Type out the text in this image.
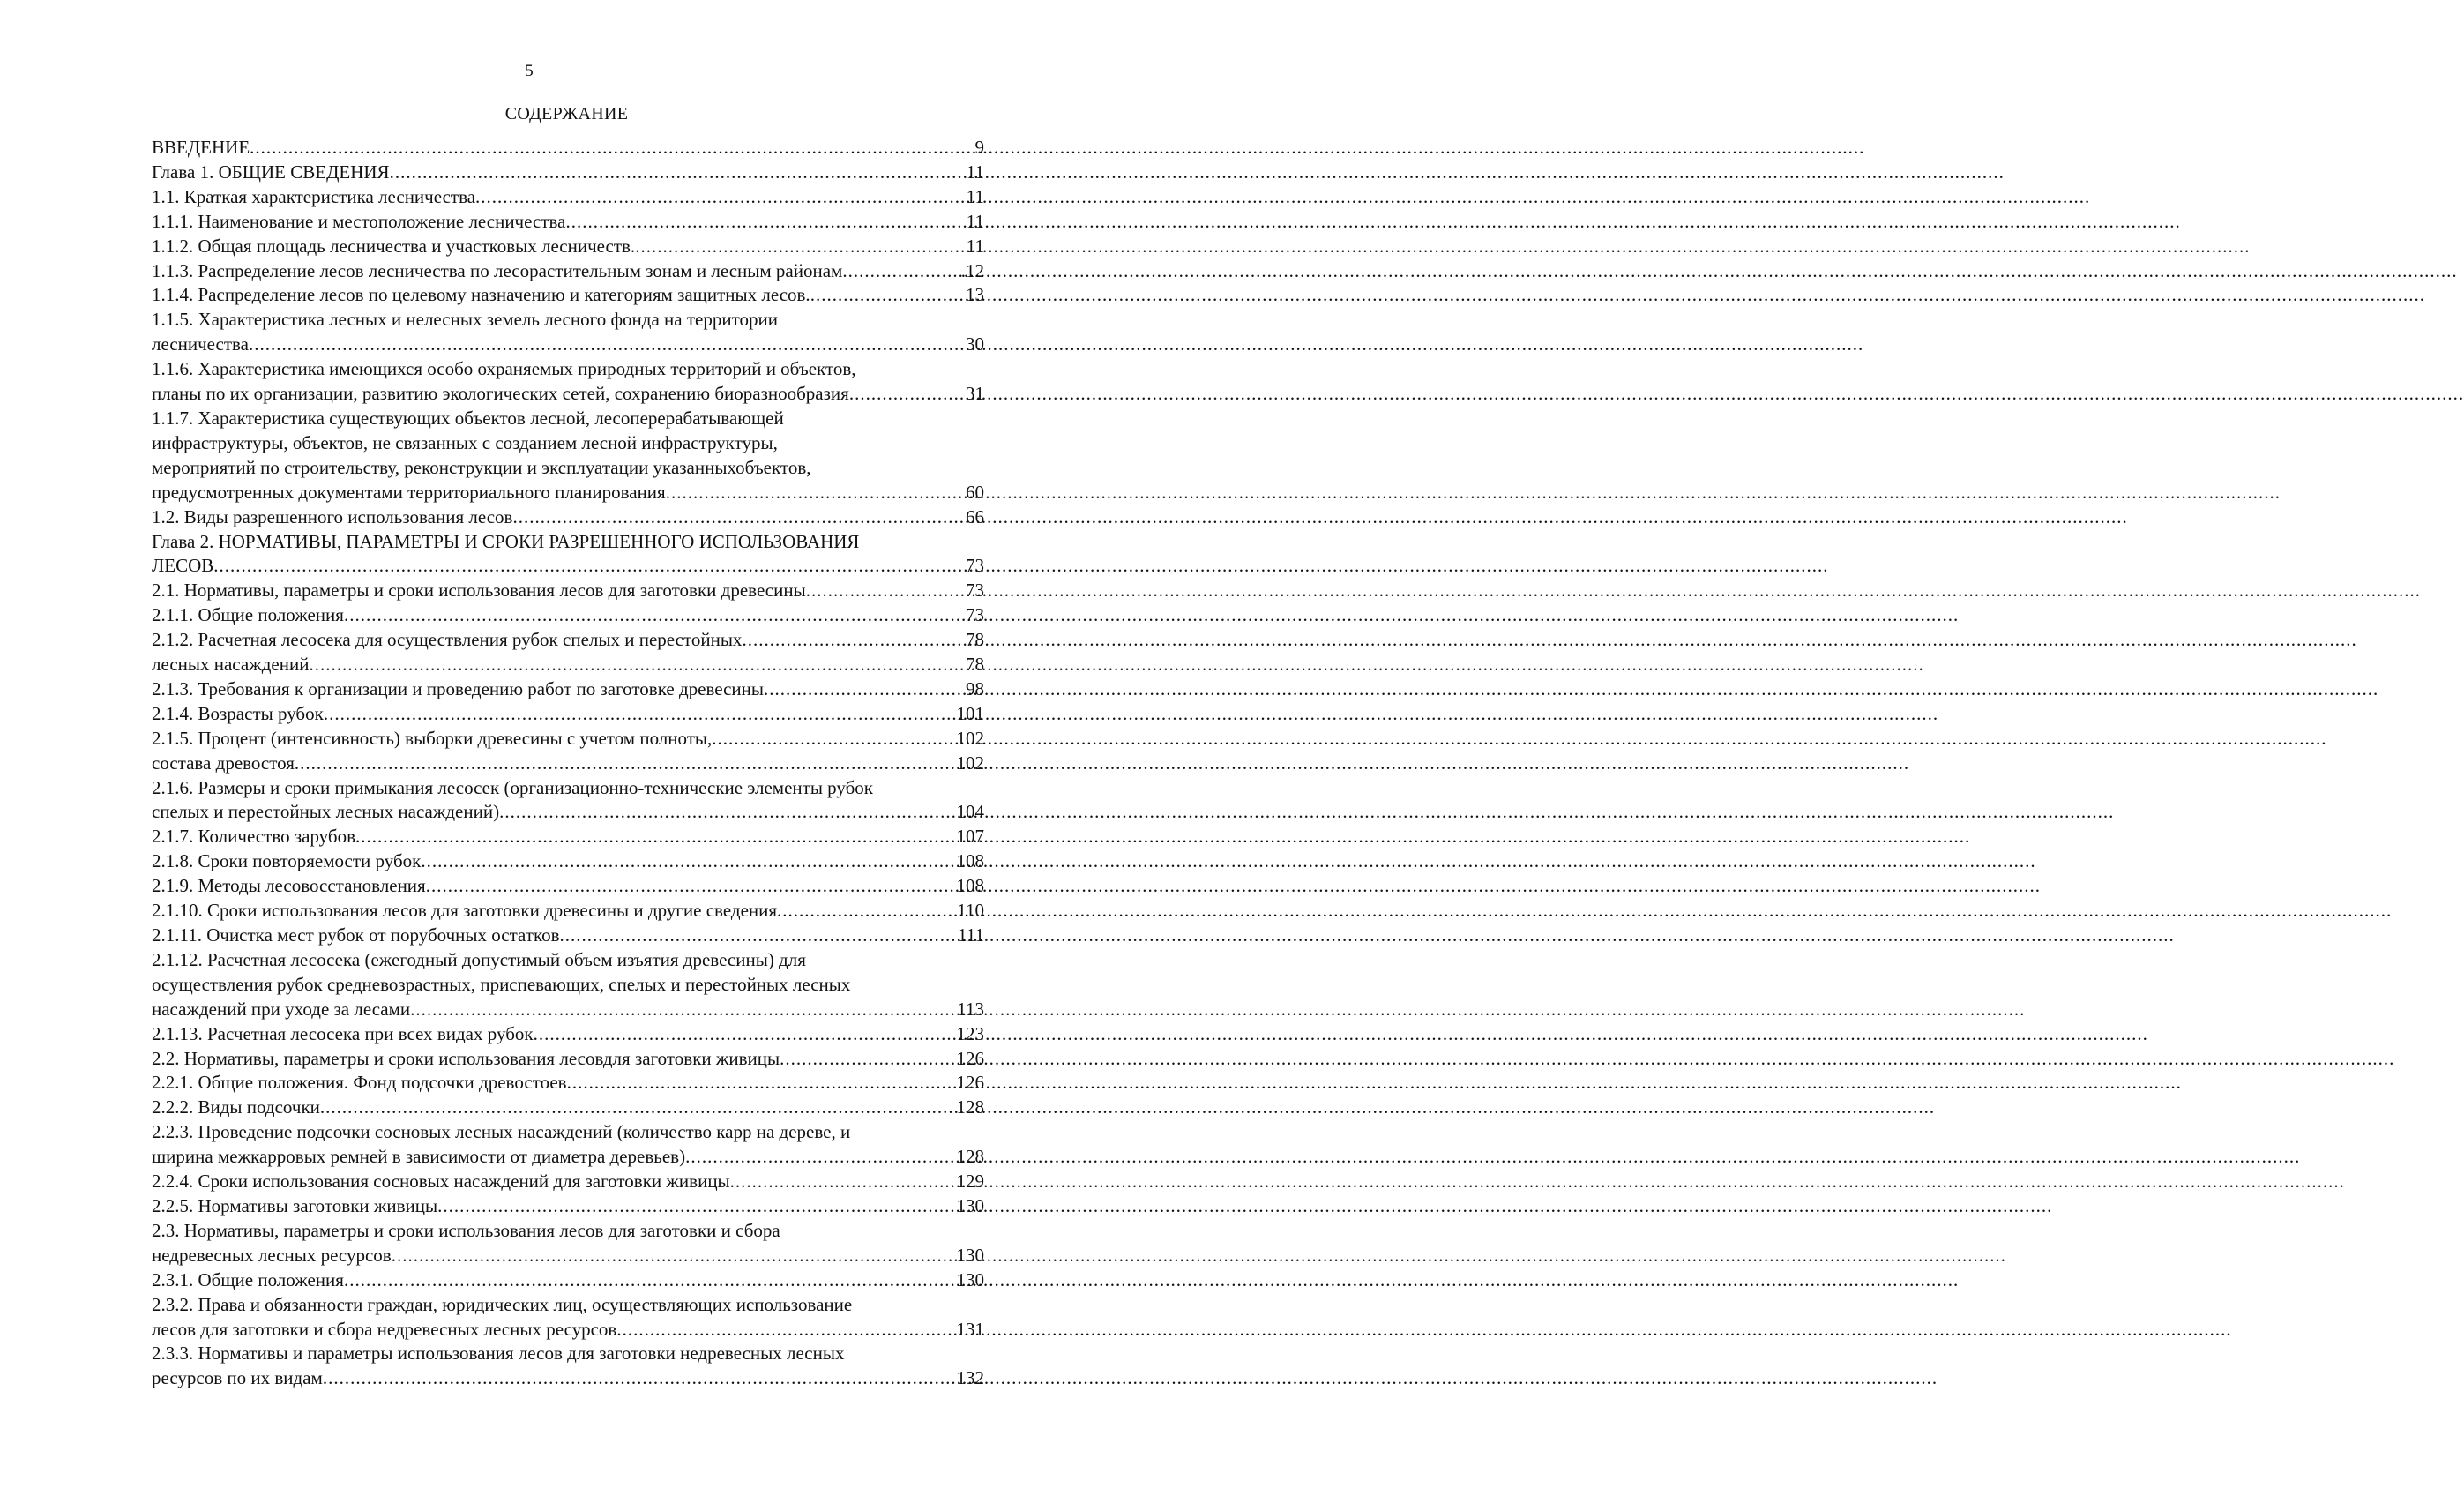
5
СОДЕРЖАНИЕ
ВВЕДЕНИЕ .....	9
Глава 1. ОБЩИЕ СВЕДЕНИЯ .....	11
1.1. Краткая характеристика лесничества .....	11
1.1.1. Наименование и местоположение лесничества .....	11
1.1.2. Общая площадь лесничества и участковых лесничеств. .....	11
1.1.3. Распределение лесов лесничества по лесорастительным зонам и лесным районам .....	.12
1.1.4. Распределение лесов по целевому назначению и категориям защитных лесов. .....	13
1.1.5. Характеристика лесных и нелесных земель лесного фонда на территории
лесничества .....	30
1.1.6. Характеристика имеющихся особо охраняемых природных территорий и объектов,
планы по их организации, развитию экологических сетей, сохранению биоразнообразия .....	31
1.1.7. Характеристика существующих объектов лесной, лесоперерабатывающей
инфраструктуры, объектов, не связанных с созданием лесной инфраструктуры,
мероприятий по строительству, реконструкции и эксплуатации указанныхобъектов,
предусмотренных документами территориального планирования .....	60
1.2. Виды разрешенного использования лесов .....	66
Глава 2. НОРМАТИВЫ, ПАРАМЕТРЫ И СРОКИ РАЗРЕШЕННОГО ИСПОЛЬЗОВАНИЯ
ЛЕСОВ .....	73
2.1. Нормативы, параметры и сроки использования лесов для заготовки древесины .....	73
2.1.1. Общие положения .....	73
2.1.2. Расчетная лесосека для осуществления рубок спелых и перестойных .....	78
лесных насаждений .....	78
2.1.3. Требования к организации и проведению работ по заготовке древесины .....	98
2.1.4. Возрасты рубок .....	101
2.1.5. Процент (интенсивность) выборки древесины с учетом полноты, .....	102
состава древостоя .....	102
2.1.6. Размеры и сроки примыкания лесосек (организационно-технические элементы рубок
спелых и перестойных лесных насаждений) .....	104
2.1.7. Количество зарубов .....	107
2.1.8. Сроки повторяемости рубок .....	108
2.1.9. Методы лесовосстановления .....	108
2.1.10. Сроки использования лесов для заготовки древесины и другие сведения .....	110
2.1.11. Очистка мест рубок от порубочных остатков .....	111
2.1.12. Расчетная лесосека (ежегодный допустимый объем изъятия древесины) для
осуществления рубок средневозрастных, приспевающих, спелых и перестойных лесных
насаждений при уходе за лесами .....	113
2.1.13. Расчетная лесосека при всех видах рубок .....	123
2.2. Нормативы, параметры и сроки использования лесовдля заготовки живицы .....	126
2.2.1. Общие положения. Фонд подсочки древостоев .....	126
2.2.2. Виды подсочки .....	128
2.2.3. Проведение подсочки сосновых лесных насаждений (количество карр на дереве, и
ширина межкарровых ремней в зависимости от диаметра деревьев) .....	128
2.2.4. Сроки использования сосновых насаждений для заготовки живицы .....	129
2.2.5. Нормативы заготовки живицы .....	130
2.3. Нормативы, параметры и сроки использования лесов для заготовки и сбора
недревесных лесных ресурсов .....	130
2.3.1. Общие положения .....	130
2.3.2. Права и обязанности граждан, юридических лиц, осуществляющих использование
лесов для заготовки и сбора недревесных лесных ресурсов .....	131
2.3.3. Нормативы и параметры использования лесов для заготовки недревесных лесных
ресурсов по их видам .....	132
